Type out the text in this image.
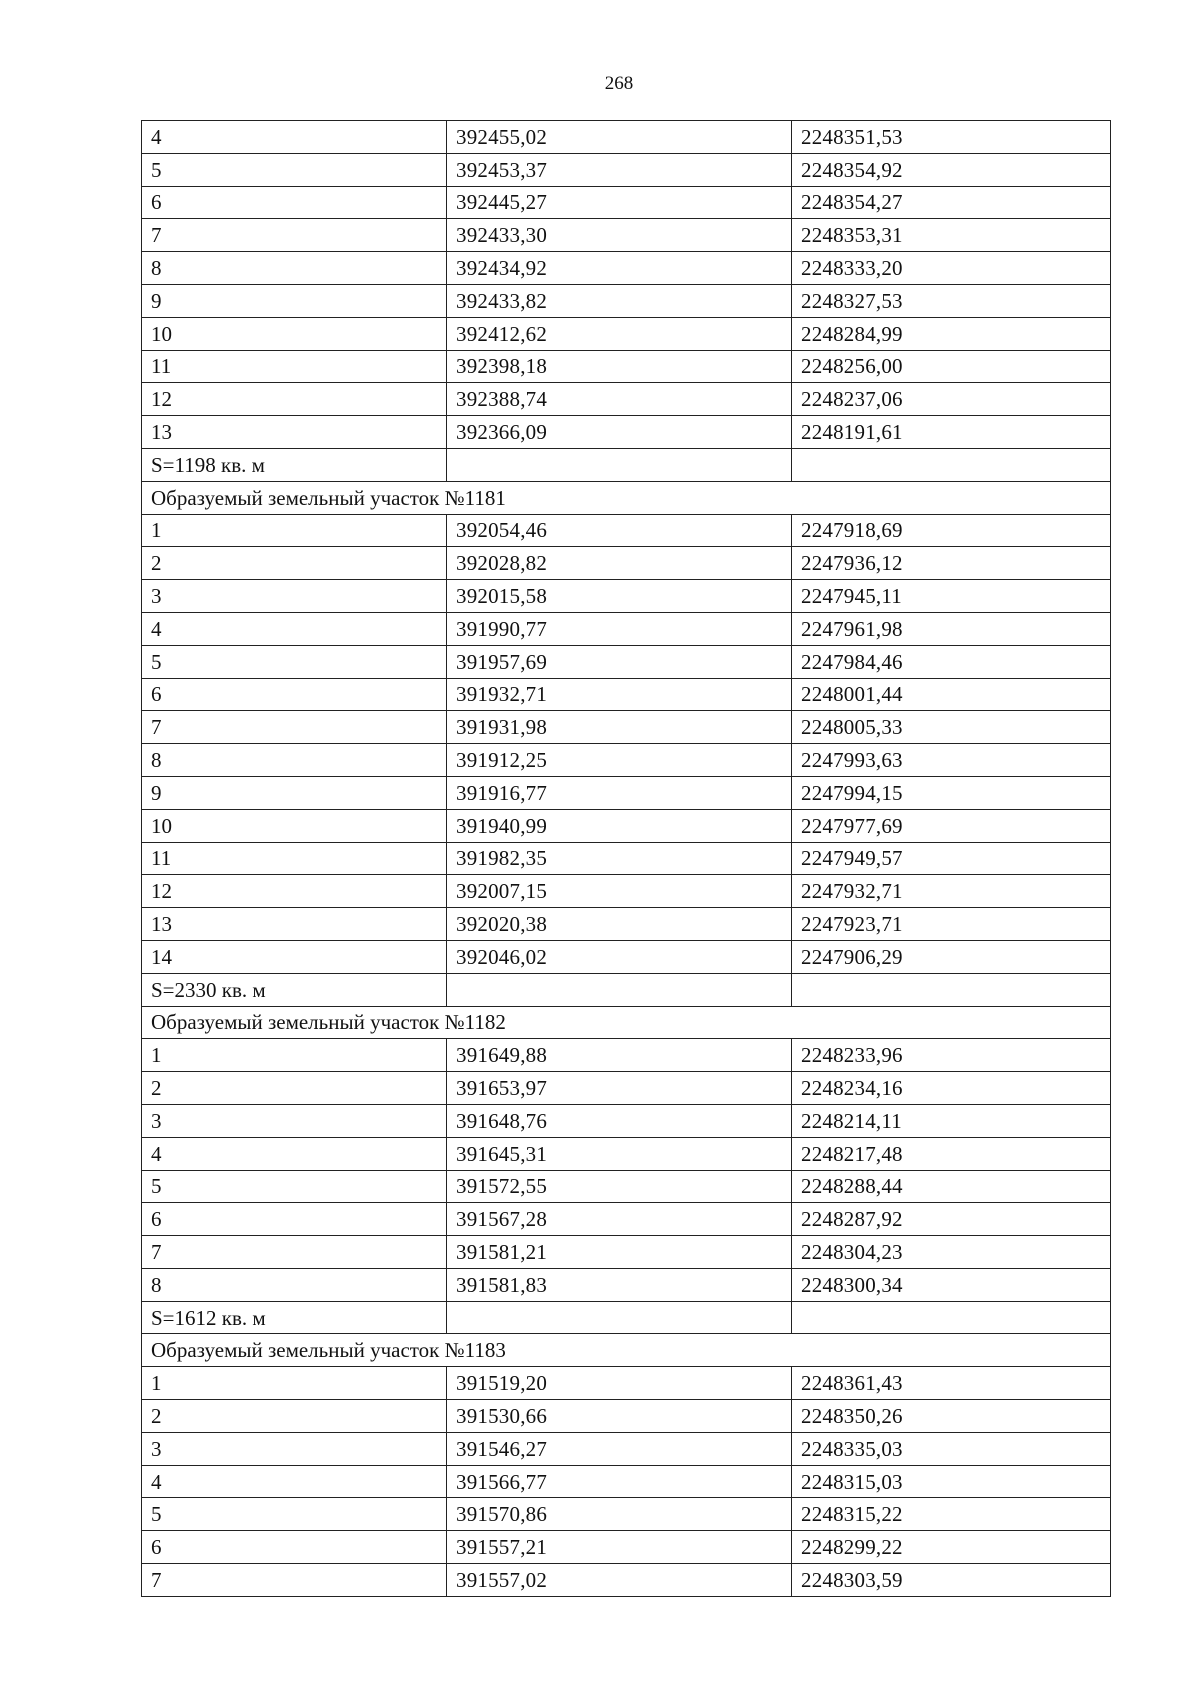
268
4	392455,02	2248351,53
5	392453,37	2248354,92
6	392445,27	2248354,27
7	392433,30	2248353,31
8	392434,92	2248333,20
9	392433,82	2248327,53
10	392412,62	2248284,99
11	392398,18	2248256,00
12	392388,74	2248237,06
13	392366,09	2248191,61
S=1198 кв. м		
Образуемый земельный участок №1181		
1	392054,46	2247918,69
2	392028,82	2247936,12
3	392015,58	2247945,11
4	391990,77	2247961,98
5	391957,69	2247984,46
6	391932,71	2248001,44
7	391931,98	2248005,33
8	391912,25	2247993,63
9	391916,77	2247994,15
10	391940,99	2247977,69
11	391982,35	2247949,57
12	392007,15	2247932,71
13	392020,38	2247923,71
14	392046,02	2247906,29
S=2330 кв. м		
Образуемый земельный участок №1182		
1	391649,88	2248233,96
2	391653,97	2248234,16
3	391648,76	2248214,11
4	391645,31	2248217,48
5	391572,55	2248288,44
6	391567,28	2248287,92
7	391581,21	2248304,23
8	391581,83	2248300,34
S=1612 кв. м		
Образуемый земельный участок №1183		
1	391519,20	2248361,43
2	391530,66	2248350,26
3	391546,27	2248335,03
4	391566,77	2248315,03
5	391570,86	2248315,22
6	391557,21	2248299,22
7	391557,02	2248303,59
